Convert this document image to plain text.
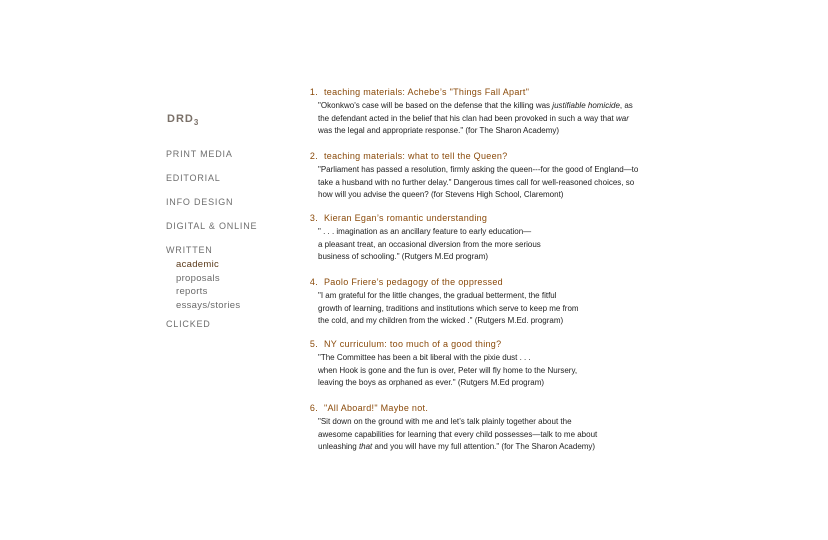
$DRD_3$
PRINT MEDIA
EDITORIAL
INFO DESIGN
DIGITAL & ONLINE
WRITTEN
academic
proposals
reports
essays/stories
CLICKED
1. teaching materials: Achebe’s "Things Fall Apart"
"Okonkwo's case will be based on the defense that the killing was justifiable homicide, as
the defendant acted in the belief that his clan had been provoked in such a way that war
was the legal and appropriate response." (for The Sharon Academy)
2. teaching materials: what to tell the Queen?
"Parliament has passed a resolution, firmly asking the queen---for the good of England—to
take a husband with no further delay." Dangerous times call for well-reasoned choices, so
how will you advise the queen? (for Stevens High School, Claremont)
3. Kieran Egan’s romantic understanding
" . . . imagination as an ancillary feature to early education—
a pleasant treat, an occasional diversion from the more serious
business of schooling." (Rutgers M.Ed program)
4. Paolo Friere’s pedagogy of the oppressed
"I am grateful for the little changes, the gradual betterment, the fitful
growth of learning, traditions and institutions which serve to keep me from
the cold, and my children from the wicked ." (Rutgers M.Ed. program)
5. NY curriculum: too much of a good thing?
"The Committee has been a bit liberal with the pixie dust . . .
when Hook is gone and the fun is over, Peter will fly home to the Nursery,
leaving the boys as orphaned as ever." (Rutgers M.Ed program)
6. "All Aboard!" Maybe not.
"Sit down on the ground with me and let’s talk plainly together about the
awesome capabilities for learning that every child possesses—talk to me about
unleashing that and you will have my full attention." (for The Sharon Academy)
